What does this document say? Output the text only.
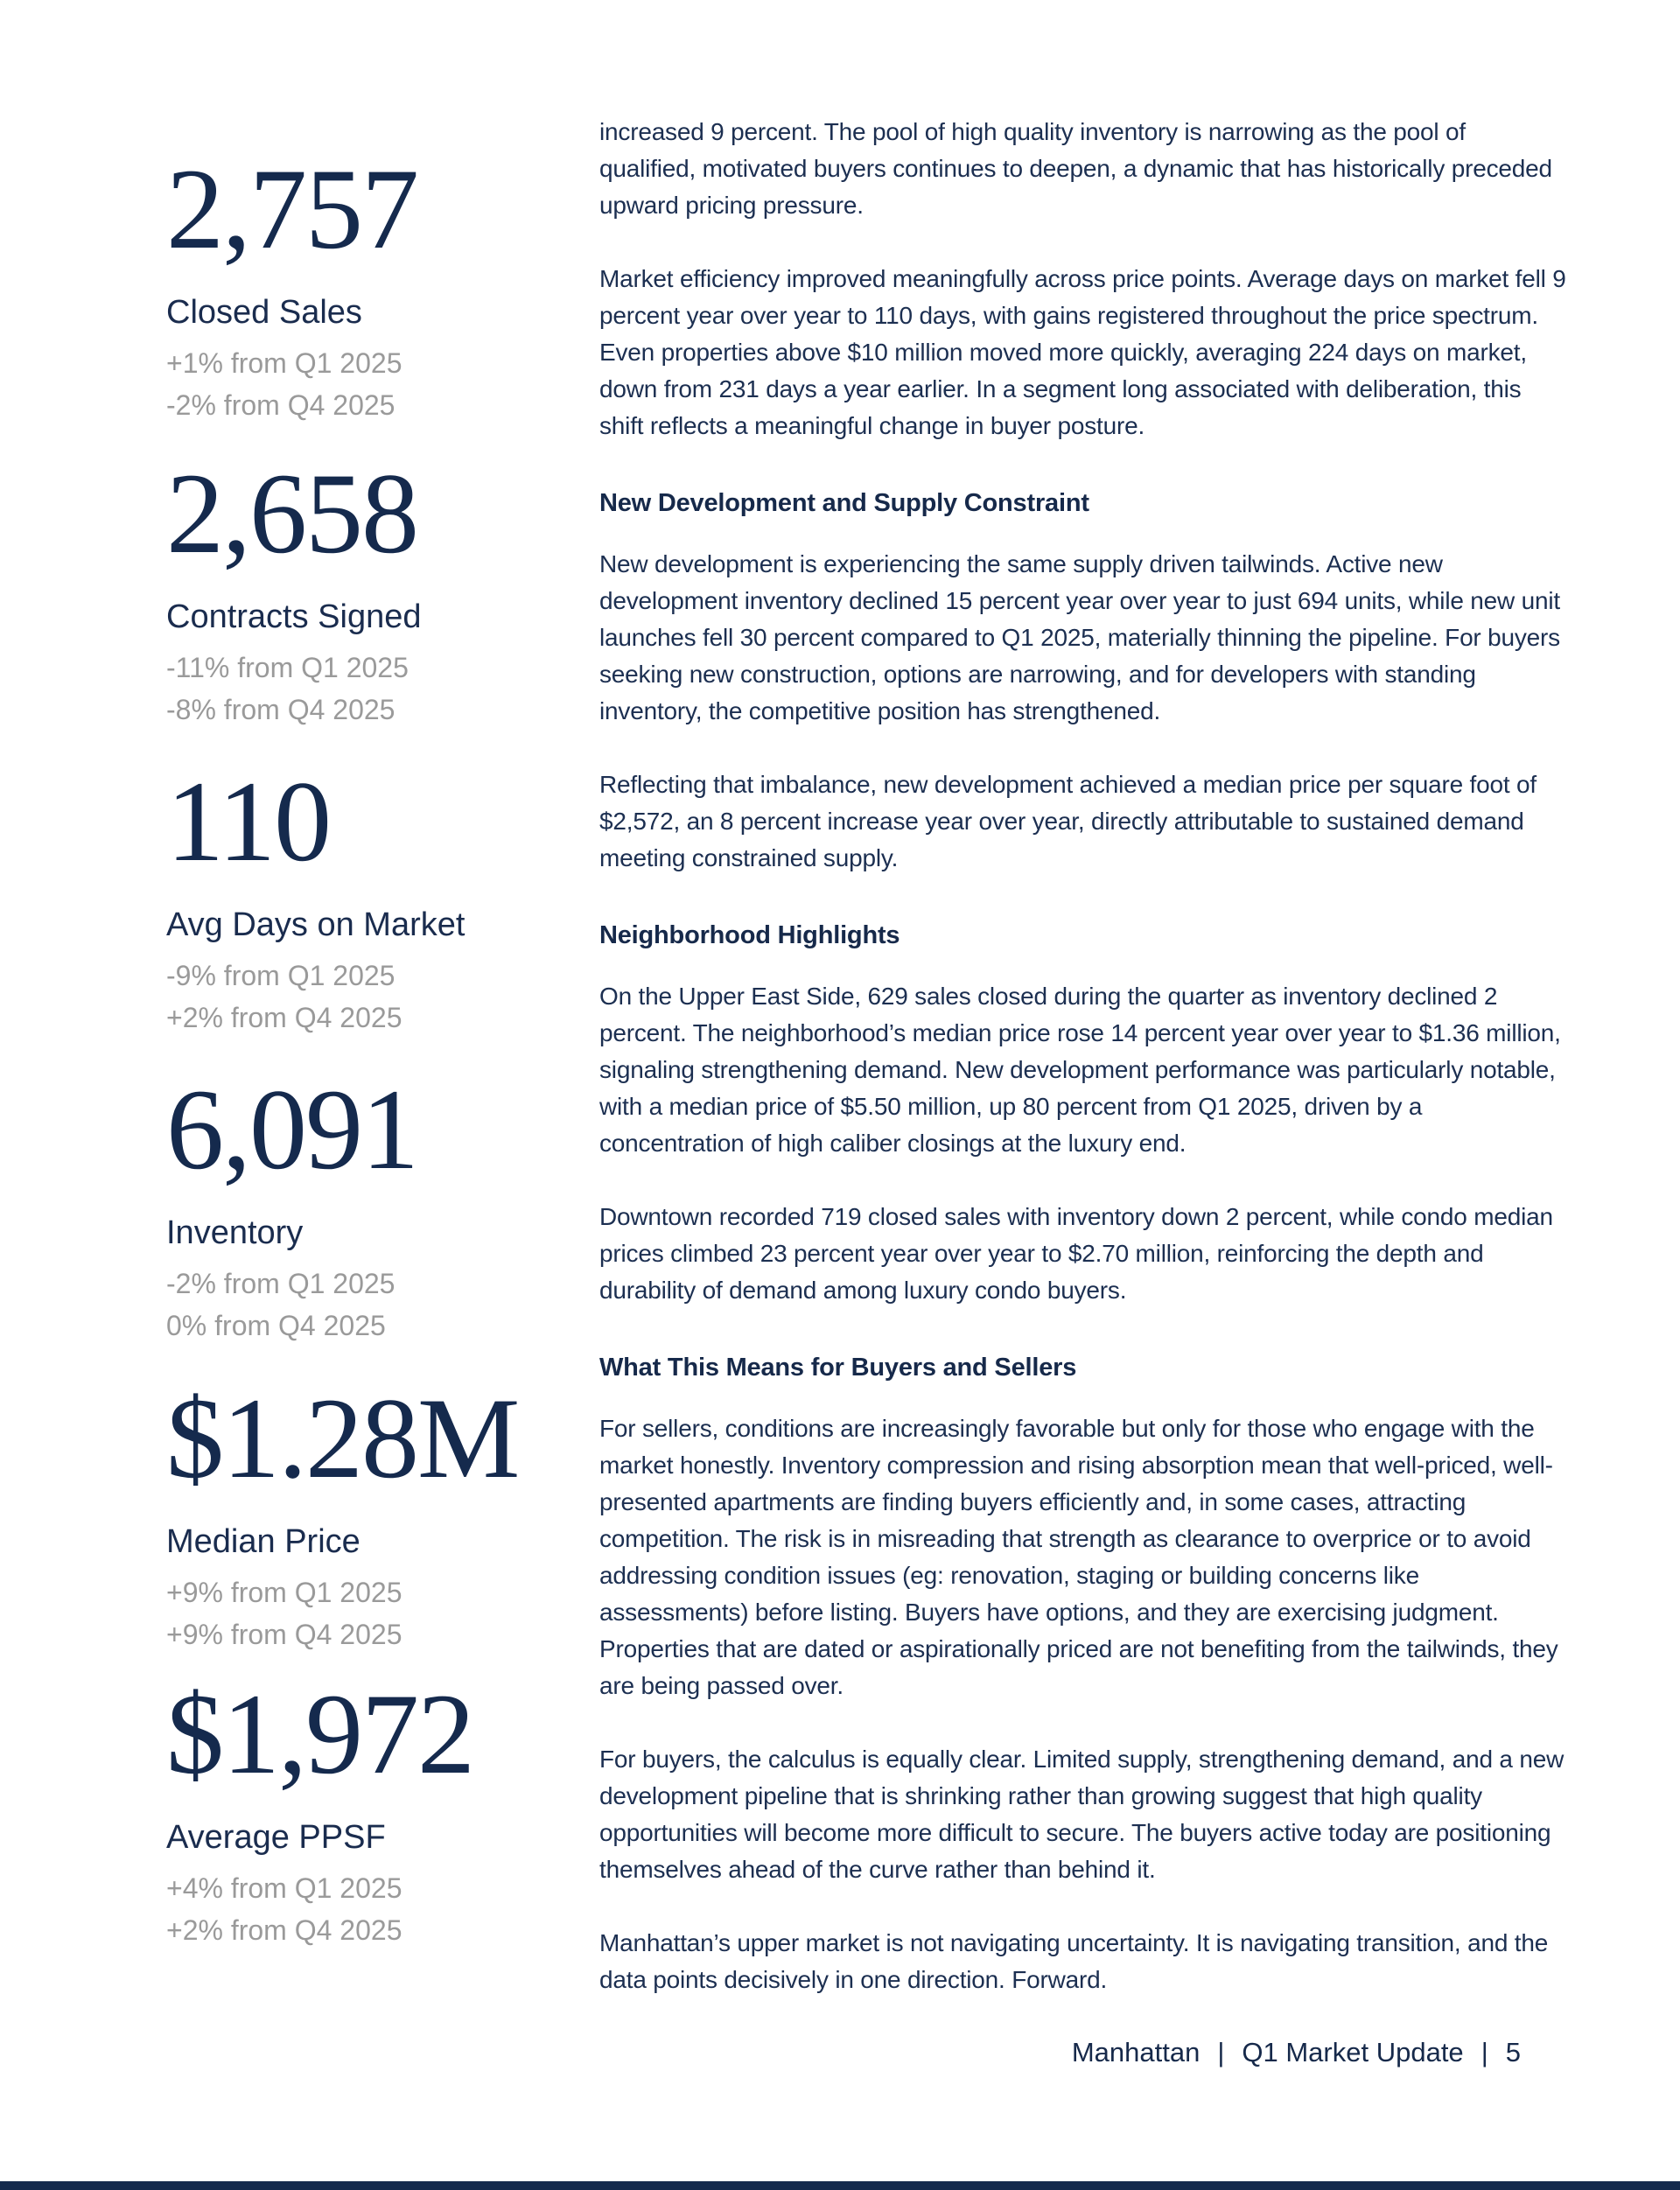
2,757
Closed Sales
+1% from Q1 2025
-2% from Q4 2025
2,658
Contracts Signed
-11% from Q1 2025
-8% from Q4 2025
110
Avg Days on Market
-9% from Q1 2025
+2% from Q4 2025
6,091
Inventory
-2% from Q1 2025
0% from Q4 2025
$1.28M
Median Price
+9% from Q1 2025
+9% from Q4 2025
$1,972
Average PPSF
+4% from Q1 2025
+2% from Q4 2025

increased 9 percent. The pool of high quality inventory is narrowing as the pool of qualified, motivated buyers continues to deepen, a dynamic that has historically preceded upward pricing pressure.

Market efficiency improved meaningfully across price points. Average days on market fell 9 percent year over year to 110 days, with gains registered throughout the price spectrum. Even properties above $10 million moved more quickly, averaging 224 days on market, down from 231 days a year earlier. In a segment long associated with deliberation, this shift reflects a meaningful change in buyer posture.

New Development and Supply Constraint

New development is experiencing the same supply driven tailwinds. Active new development inventory declined 15 percent year over year to just 694 units, while new unit launches fell 30 percent compared to Q1 2025, materially thinning the pipeline. For buyers seeking new construction, options are narrowing, and for developers with standing inventory, the competitive position has strengthened.

Reflecting that imbalance, new development achieved a median price per square foot of $2,572, an 8 percent increase year over year, directly attributable to sustained demand meeting constrained supply.

Neighborhood Highlights

On the Upper East Side, 629 sales closed during the quarter as inventory declined 2 percent. The neighborhood’s median price rose 14 percent year over year to $1.36 million, signaling strengthening demand. New development performance was particularly notable, with a median price of $5.50 million, up 80 percent from Q1 2025, driven by a concentration of high caliber closings at the luxury end.

Downtown recorded 719 closed sales with inventory down 2 percent, while condo median prices climbed 23 percent year over year to $2.70 million, reinforcing the depth and durability of demand among luxury condo buyers.

What This Means for Buyers and Sellers

For sellers, conditions are increasingly favorable but only for those who engage with the market honestly. Inventory compression and rising absorption mean that well-priced, well-presented apartments are finding buyers efficiently and, in some cases, attracting competition. The risk is in misreading that strength as clearance to overprice or to avoid addressing condition issues (eg: renovation, staging or building concerns like assessments) before listing. Buyers have options, and they are exercising judgment. Properties that are dated or aspirationally priced are not benefiting from the tailwinds, they are being passed over.

For buyers, the calculus is equally clear. Limited supply, strengthening demand, and a new development pipeline that is shrinking rather than growing suggest that high quality opportunities will become more difficult to secure. The buyers active today are positioning themselves ahead of the curve rather than behind it.

Manhattan’s upper market is not navigating uncertainty. It is navigating transition, and the data points decisively in one direction. Forward.

Manhattan | Q1 Market Update | 5
